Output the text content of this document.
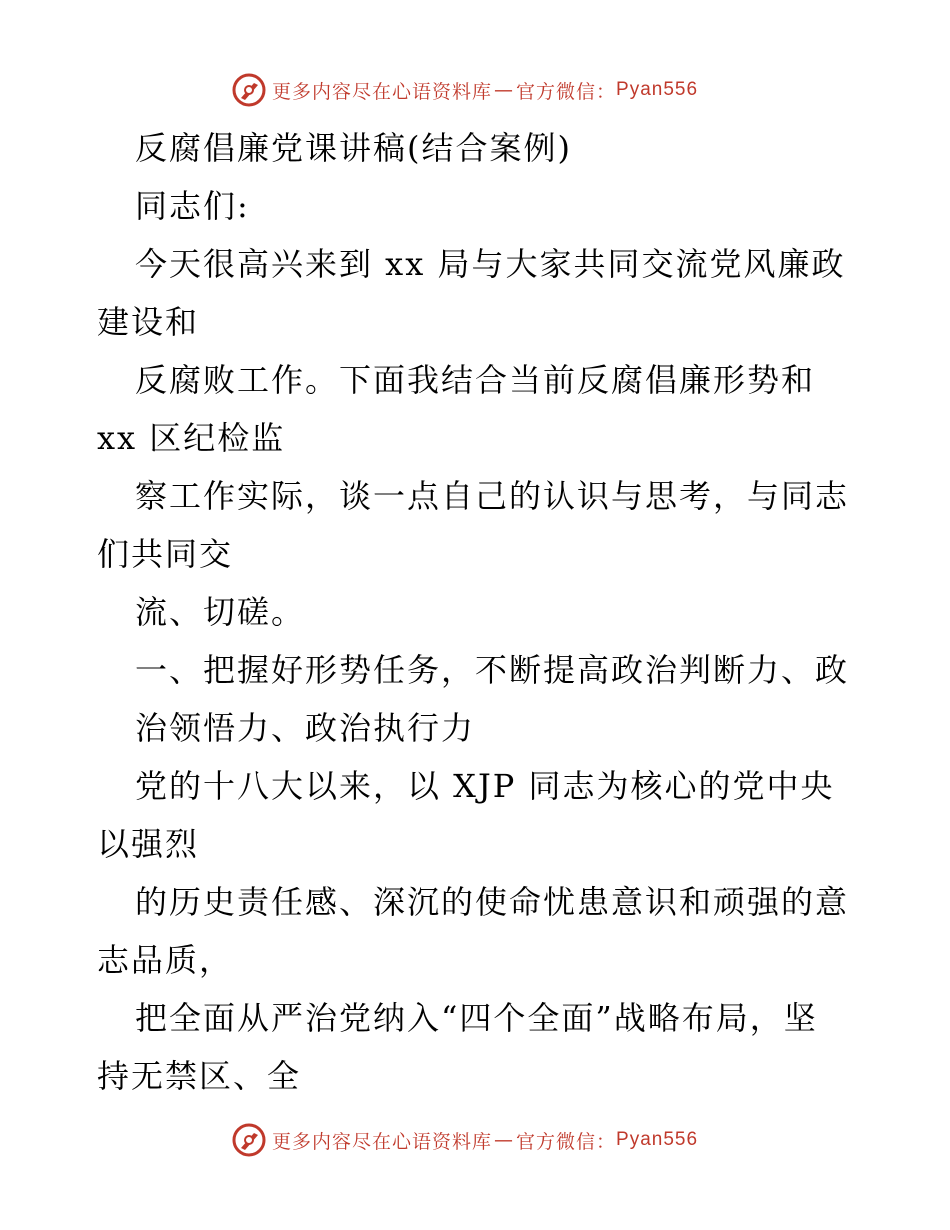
更多内容尽在心语资料库 — 官方微信： Pyan556
反腐倡廉党课讲稿(结合案例)
同志们:
今天很高兴来到 xx 局与大家共同交流党风廉政
建设和
反腐败工作。下面我结合当前反腐倡廉形势和
xx 区纪检监
察工作实际，谈一点自己的认识与思考，与同志
们共同交
流、切磋。
一、把握好形势任务，不断提高政治判断力、政
治领悟力、政治执行力
党的十八大以来，以 XJP 同志为核心的党中央
以强烈
的历史责任感、深沉的使命忧患意识和顽强的意
志品质，
把全面从严治党纳入“四个全面”战略布局，坚
持无禁区、全
更多内容尽在心语资料库 — 官方微信： Pyan556
